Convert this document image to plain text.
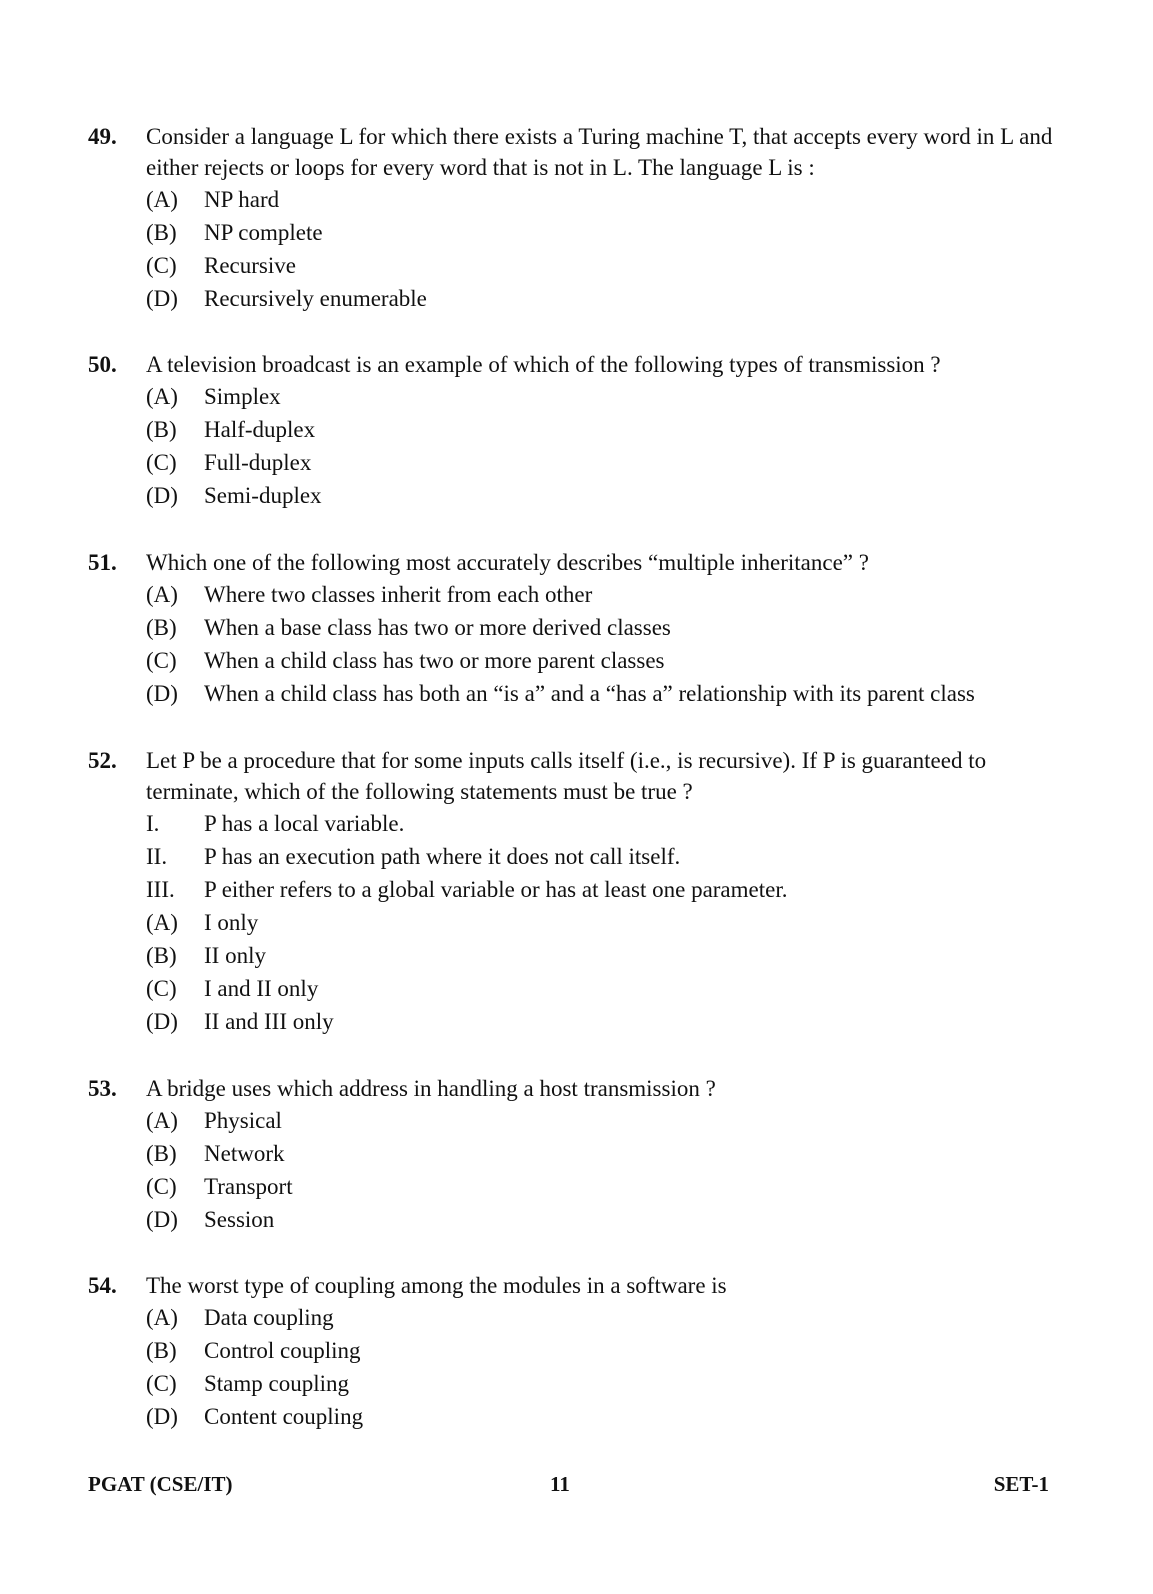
49. Consider a language L for which there exists a Turing machine T, that accepts every word in L and either rejects or loops for every word that is not in L. The language L is :
(A) NP hard
(B) NP complete
(C) Recursive
(D) Recursively enumerable
50. A television broadcast is an example of which of the following types of transmission ?
(A) Simplex
(B) Half-duplex
(C) Full-duplex
(D) Semi-duplex
51. Which one of the following most accurately describes “multiple inheritance” ?
(A) Where two classes inherit from each other
(B) When a base class has two or more derived classes
(C) When a child class has two or more parent classes
(D) When a child class has both an “is a” and a “has a” relationship with its parent class
52. Let P be a procedure that for some inputs calls itself (i.e., is recursive). If P is guaranteed to terminate, which of the following statements must be true ?
I. P has a local variable.
II. P has an execution path where it does not call itself.
III. P either refers to a global variable or has at least one parameter.
(A) I only
(B) II only
(C) I and II only
(D) II and III only
53. A bridge uses which address in handling a host transmission ?
(A) Physical
(B) Network
(C) Transport
(D) Session
54. The worst type of coupling among the modules in a software is
(A) Data coupling
(B) Control coupling
(C) Stamp coupling
(D) Content coupling
PGAT (CSE/IT)	11	SET-1
